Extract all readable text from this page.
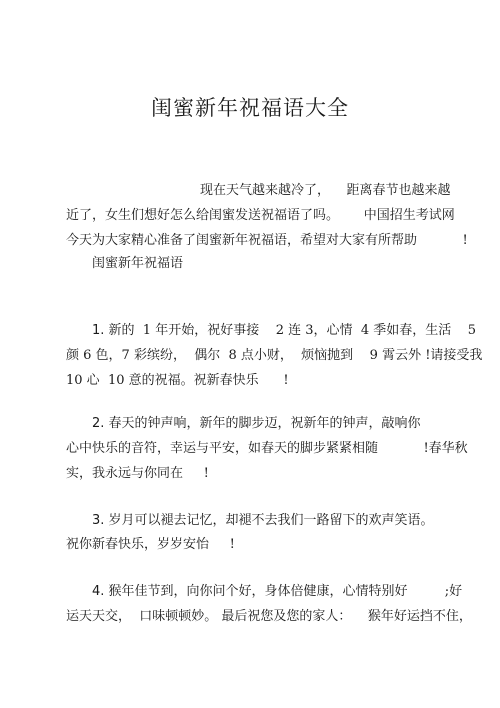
闺蜜新年祝福语大全

现在天气越来越冷了，    距离春节也越来越

近了，女生们想好怎么给闺蜜发送祝福语了吗。      中国招生考试网

今天为大家精心准备了闺蜜新年祝福语，希望对大家有所帮助           !

闺蜜新年祝福语

1. 新的  1 年开始，祝好事接    2 连 3，心情  4 季如春，生活    5

颜 6 色，7 彩缤纷，  偶尔  8 点小财，  烦恼抛到    9 霄云外 !请接受我

10 心  10 意的祝福。祝新春快乐      !

2. 春天的钟声响，新年的脚步迈，祝新年的钟声，敲响你

心中快乐的音符，幸运与平安，如春天的脚步紧紧相随           !春华秋

实，我永远与你同在     !

3. 岁月可以褪去记忆，却褪不去我们一路留下的欢声笑语。

祝你新春快乐，岁岁安怡     !

4. 猴年佳节到，向你问个好，身体倍健康，心情特别好         ;好

运天天交，  口味顿顿妙。 最后祝您及您的家人：    猴年好运挡不住，
